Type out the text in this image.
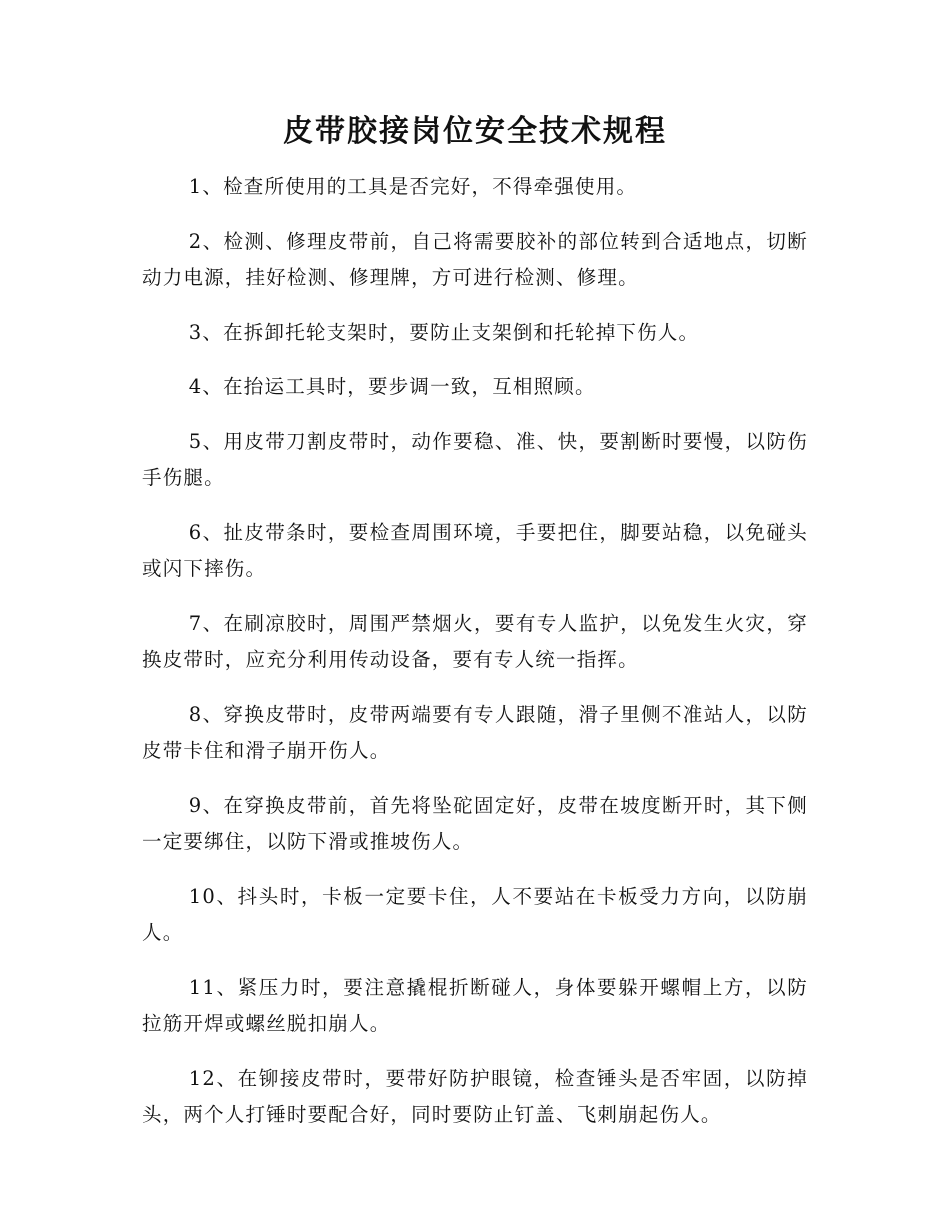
皮带胶接岗位安全技术规程

1、检查所使用的工具是否完好，不得牵强使用。

2、检测、修理皮带前，自己将需要胶补的部位转到合适地点，切断动力电源，挂好检测、修理牌，方可进行检测、修理。

3、在拆卸托轮支架时，要防止支架倒和托轮掉下伤人。

4、在抬运工具时，要步调一致，互相照顾。

5、用皮带刀割皮带时，动作要稳、准、快，要割断时要慢，以防伤手伤腿。

6、扯皮带条时，要检查周围环境，手要把住，脚要站稳，以免碰头或闪下摔伤。

7、在刷凉胶时，周围严禁烟火，要有专人监护，以免发生火灾，穿换皮带时，应充分利用传动设备，要有专人统一指挥。

8、穿换皮带时，皮带两端要有专人跟随，滑子里侧不准站人，以防皮带卡住和滑子崩开伤人。

9、在穿换皮带前，首先将坠砣固定好，皮带在坡度断开时，其下侧一定要绑住，以防下滑或推坡伤人。

10、抖头时，卡板一定要卡住，人不要站在卡板受力方向，以防崩人。

11、紧压力时，要注意撬棍折断碰人，身体要躲开螺帽上方，以防拉筋开焊或螺丝脱扣崩人。

12、在铆接皮带时，要带好防护眼镜，检查锤头是否牢固，以防掉头，两个人打锤时要配合好，同时要防止钉盖、飞刺崩起伤人。
